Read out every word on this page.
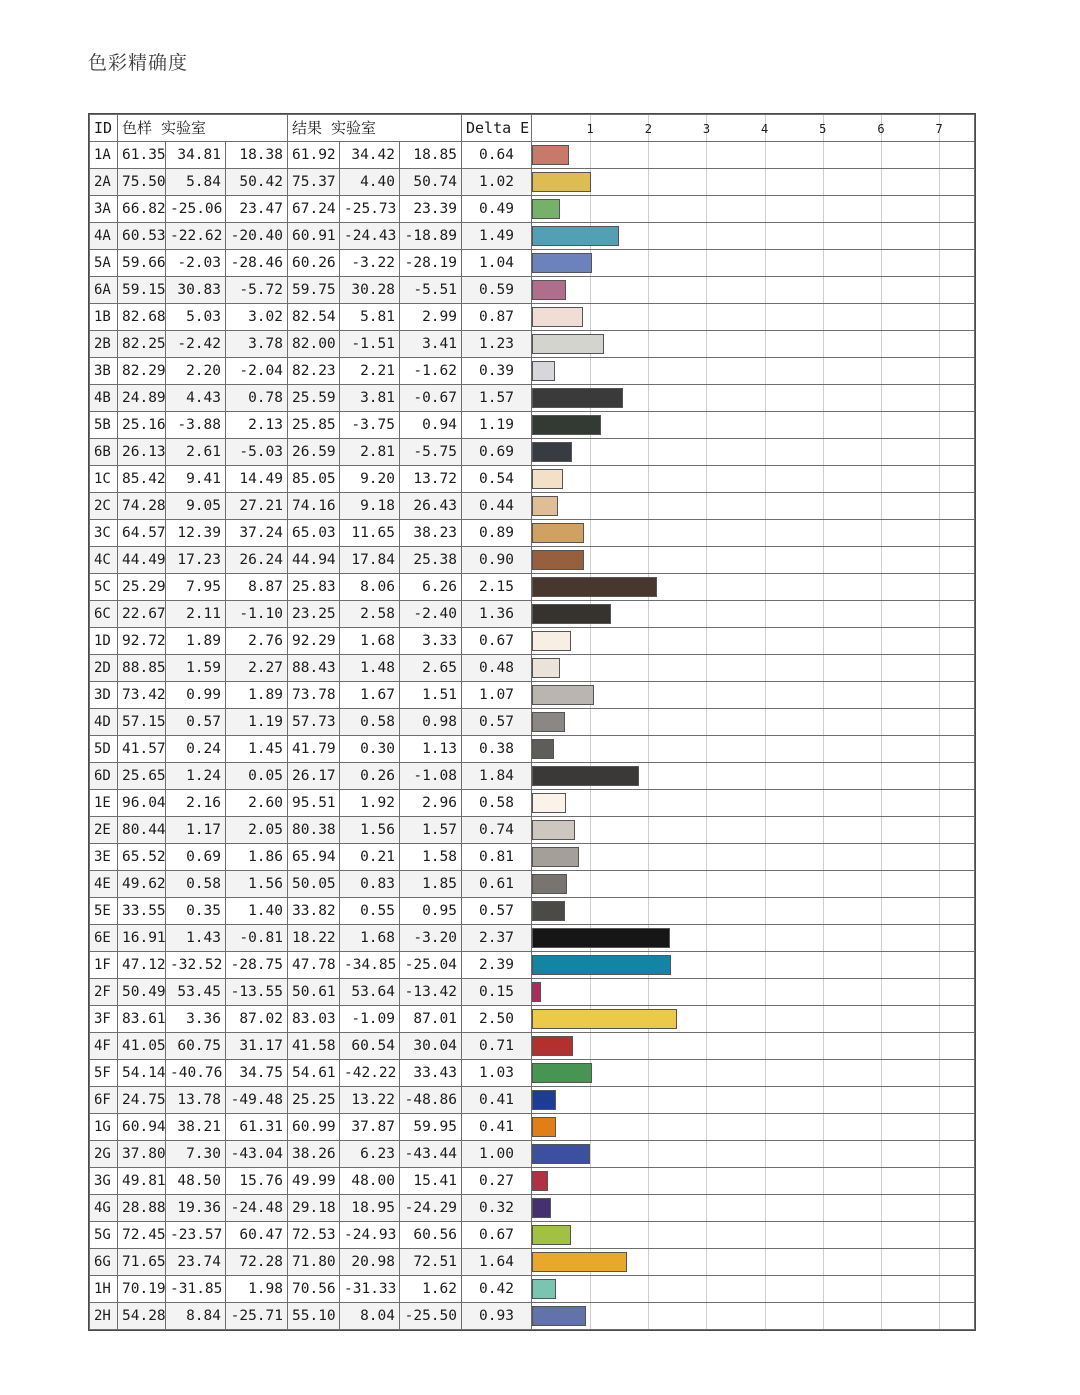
色彩精确度
ID	色样 实验室	结果 实验室	Delta E	1	2	3	4	5	6	7

1A	61.35	34.81	18.38	61.92	34.42	18.85	0.64	

2A	75.50	5.84	50.42	75.37	4.40	50.74	1.02	

3A	66.82	-25.06	23.47	67.24	-25.73	23.39	0.49	

4A	60.53	-22.62	-20.40	60.91	-24.43	-18.89	1.49	

5A	59.66	-2.03	-28.46	60.26	-3.22	-28.19	1.04	

6A	59.15	30.83	-5.72	59.75	30.28	-5.51	0.59	

1B	82.68	5.03	3.02	82.54	5.81	2.99	0.87	

2B	82.25	-2.42	3.78	82.00	-1.51	3.41	1.23	

3B	82.29	2.20	-2.04	82.23	2.21	-1.62	0.39	

4B	24.89	4.43	0.78	25.59	3.81	-0.67	1.57	

5B	25.16	-3.88	2.13	25.85	-3.75	0.94	1.19	

6B	26.13	2.61	-5.03	26.59	2.81	-5.75	0.69	

1C	85.42	9.41	14.49	85.05	9.20	13.72	0.54	

2C	74.28	9.05	27.21	74.16	9.18	26.43	0.44	

3C	64.57	12.39	37.24	65.03	11.65	38.23	0.89	

4C	44.49	17.23	26.24	44.94	17.84	25.38	0.90	

5C	25.29	7.95	8.87	25.83	8.06	6.26	2.15	

6C	22.67	2.11	-1.10	23.25	2.58	-2.40	1.36	

1D	92.72	1.89	2.76	92.29	1.68	3.33	0.67	

2D	88.85	1.59	2.27	88.43	1.48	2.65	0.48	

3D	73.42	0.99	1.89	73.78	1.67	1.51	1.07	

4D	57.15	0.57	1.19	57.73	0.58	0.98	0.57	

5D	41.57	0.24	1.45	41.79	0.30	1.13	0.38	

6D	25.65	1.24	0.05	26.17	0.26	-1.08	1.84	

1E	96.04	2.16	2.60	95.51	1.92	2.96	0.58	

2E	80.44	1.17	2.05	80.38	1.56	1.57	0.74	

3E	65.52	0.69	1.86	65.94	0.21	1.58	0.81	

4E	49.62	0.58	1.56	50.05	0.83	1.85	0.61	

5E	33.55	0.35	1.40	33.82	0.55	0.95	0.57	

6E	16.91	1.43	-0.81	18.22	1.68	-3.20	2.37	

1F	47.12	-32.52	-28.75	47.78	-34.85	-25.04	2.39	

2F	50.49	53.45	-13.55	50.61	53.64	-13.42	0.15	

3F	83.61	3.36	87.02	83.03	-1.09	87.01	2.50	

4F	41.05	60.75	31.17	41.58	60.54	30.04	0.71	

5F	54.14	-40.76	34.75	54.61	-42.22	33.43	1.03	

6F	24.75	13.78	-49.48	25.25	13.22	-48.86	0.41	

1G	60.94	38.21	61.31	60.99	37.87	59.95	0.41	

2G	37.80	7.30	-43.04	38.26	6.23	-43.44	1.00	

3G	49.81	48.50	15.76	49.99	48.00	15.41	0.27	

4G	28.88	19.36	-24.48	29.18	18.95	-24.29	0.32	

5G	72.45	-23.57	60.47	72.53	-24.93	60.56	0.67	

6G	71.65	23.74	72.28	71.80	20.98	72.51	1.64	

1H	70.19	-31.85	1.98	70.56	-31.33	1.62	0.42	

2H	54.28	8.84	-25.71	55.10	8.04	-25.50	0.93	
